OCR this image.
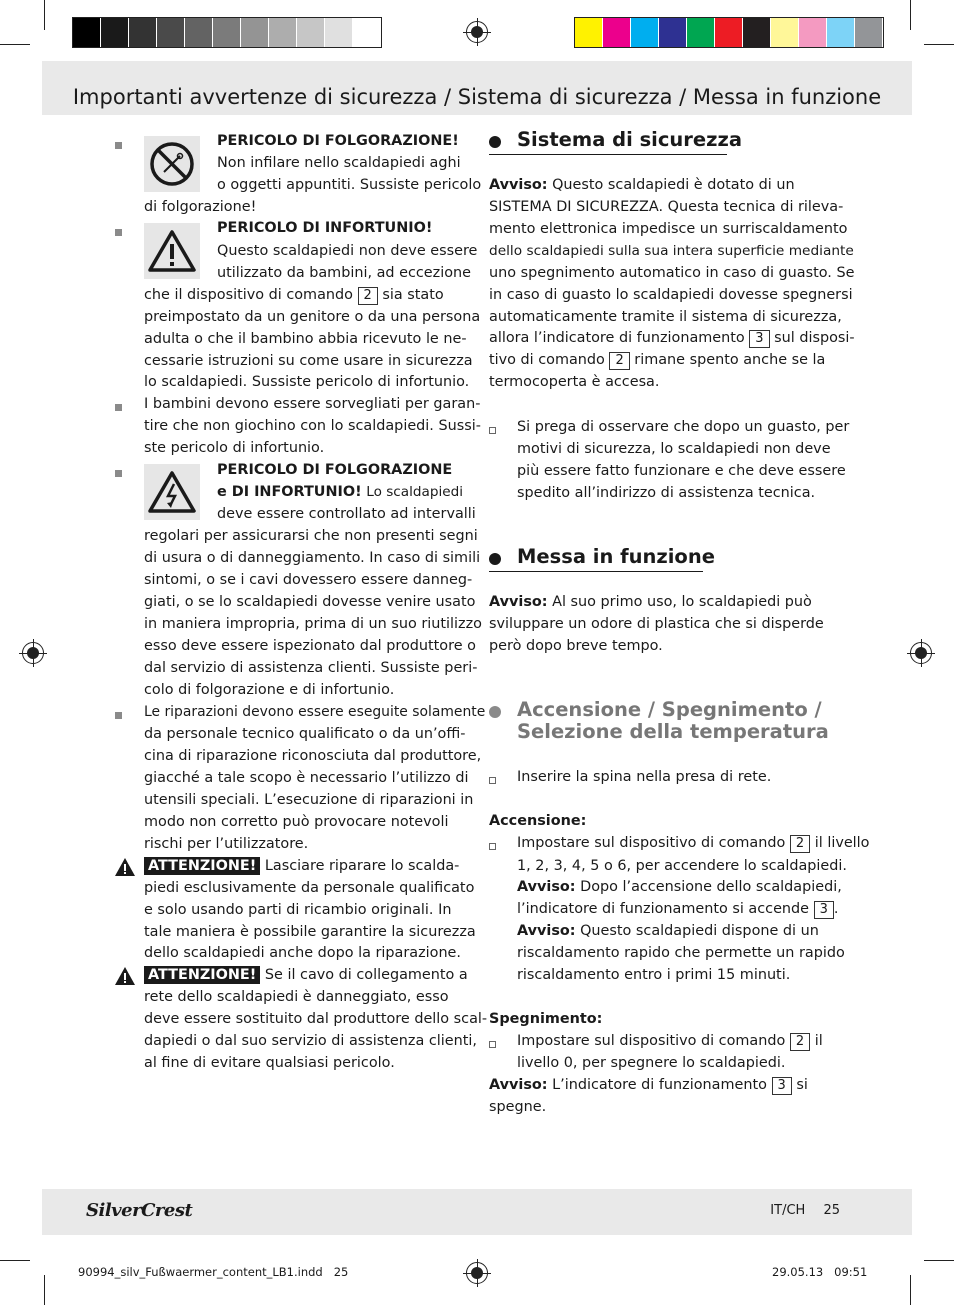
Importanti avvertenze di sicurezza / Sistema di sicurezza / Messa in funzione
PERICOLO DI FOLGORAZIONE!
Non infilare nello scaldapiedi aghi
o oggetti appuntiti. Sussiste pericolo
di folgorazione!
PERICOLO DI INFORTUNIO!
Questo scaldapiedi non deve essere
utilizzato da bambini, ad eccezione
che il dispositivo di comando 2 sia stato
preimpostato da un genitore o da una persona
adulta o che il bambino abbia ricevuto le ne-
cessarie istruzioni su come usare in sicurezza
lo scaldapiedi. Sussiste pericolo di infortunio.
I bambini devono essere sorvegliati per garan-
tire che non giochino con lo scaldapiedi. Sussi-
ste pericolo di infortunio.
PERICOLO DI FOLGORAZIONE
e DI INFORTUNIO! Lo scaldapiedi
deve essere controllato ad intervalli
regolari per assicurarsi che non presenti segni
di usura o di danneggiamento. In caso di simili
sintomi, o se i cavi dovessero essere danneg-
giati, o se lo scaldapiedi dovesse venire usato
in maniera impropria, prima di un suo riutilizzo
esso deve essere ispezionato dal produttore o
dal servizio di assistenza clienti. Sussiste peri-
colo di folgorazione e di infortunio.
Le riparazioni devono essere eseguite solamente
da personale tecnico qualificato o da un’offi-
cina di riparazione riconosciuta dal produttore,
giacché a tale scopo è necessario l’utilizzo di
utensili speciali. L’esecuzione di riparazioni in
modo non corretto può provocare notevoli
rischi per l’utilizzatore.
ATTENZIONE! Lasciare riparare lo scalda-
piedi esclusivamente da personale qualificato
e solo usando parti di ricambio originali. In
tale maniera è possibile garantire la sicurezza
dello scaldapiedi anche dopo la riparazione.
ATTENZIONE! Se il cavo di collegamento a
rete dello scaldapiedi è danneggiato, esso
deve essere sostituito dal produttore dello scal-
dapiedi o dal suo servizio di assistenza clienti,
al fine di evitare qualsiasi pericolo.
Sistema di sicurezza
Avviso: Questo scaldapiedi è dotato di un
SISTEMA DI SICUREZZA. Questa tecnica di rileva-
mento elettronica impedisce un surriscaldamento
dello scaldapiedi sulla sua intera superficie mediante
uno spegnimento automatico in caso di guasto. Se
in caso di guasto lo scaldapiedi dovesse spegnersi
automaticamente tramite il sistema di sicurezza,
allora l’indicatore di funzionamento 3 sul disposi-
tivo di comando 2 rimane spento anche se la
termocoperta è accesa.
Si prega di osservare che dopo un guasto, per
motivi di sicurezza, lo scaldapiedi non deve
più essere fatto funzionare e che deve essere
spedito all’indirizzo di assistenza tecnica.
Messa in funzione
Avviso: Al suo primo uso, lo scaldapiedi può
sviluppare un odore di plastica che si disperde
però dopo breve tempo.
Accensione / Spegnimento /
Selezione della temperatura
Inserire la spina nella presa di rete.
Accensione:
Impostare sul dispositivo di comando 2 il livello
1, 2, 3, 4, 5 o 6, per accendere lo scaldapiedi.
Avviso: Dopo l’accensione dello scaldapiedi,
l’indicatore di funzionamento si accende 3 .
Avviso: Questo scaldapiedi dispone di un
riscaldamento rapido che permette un rapido
riscaldamento entro i primi 15 minuti.
Spegnimento:
Impostare sul dispositivo di comando 2 il
livello 0, per spegnere lo scaldapiedi.
Avviso: L’indicatore di funzionamento 3 si
spegne.
SilverCrest	IT/CH 25
90994_silv_Fußwaermer_content_LB1.indd   25	29.05.13   09:51
